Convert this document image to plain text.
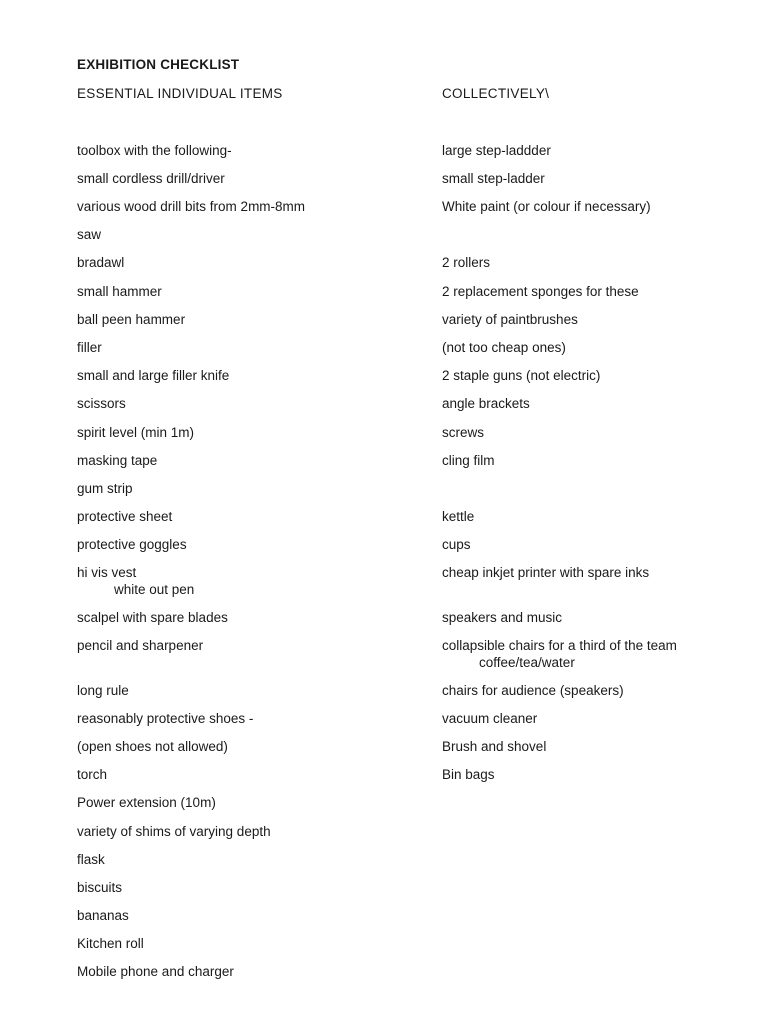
EXHIBITION CHECKLIST
ESSENTIAL INDIVIDUAL ITEMS	COLLECTIVELY\
toolbox with the following-
small cordless drill/driver
various wood drill bits from 2mm-8mm
saw
bradawl
small hammer
ball peen hammer
filler
small and large filler knife
scissors
spirit level (min 1m)
masking tape
gum strip
protective sheet
protective goggles
hi vis vest
white out pen
scalpel with spare blades
pencil and sharpener
long rule
reasonably protective shoes -
(open shoes not allowed)
torch
Power extension (10m)
variety of shims of varying depth
flask
biscuits
bananas
Kitchen roll
Mobile phone and charger
large step-laddder
small step-ladder
White paint (or colour if necessary)
2 rollers
2 replacement sponges for these
variety of paintbrushes
(not too cheap ones)
2 staple guns (not electric)
angle brackets
screws
cling film
kettle
cups
cheap inkjet printer with spare inks
speakers and music
collapsible chairs for a third of the team
coffee/tea/water
chairs for audience (speakers)
vacuum cleaner
Brush and shovel
Bin bags
